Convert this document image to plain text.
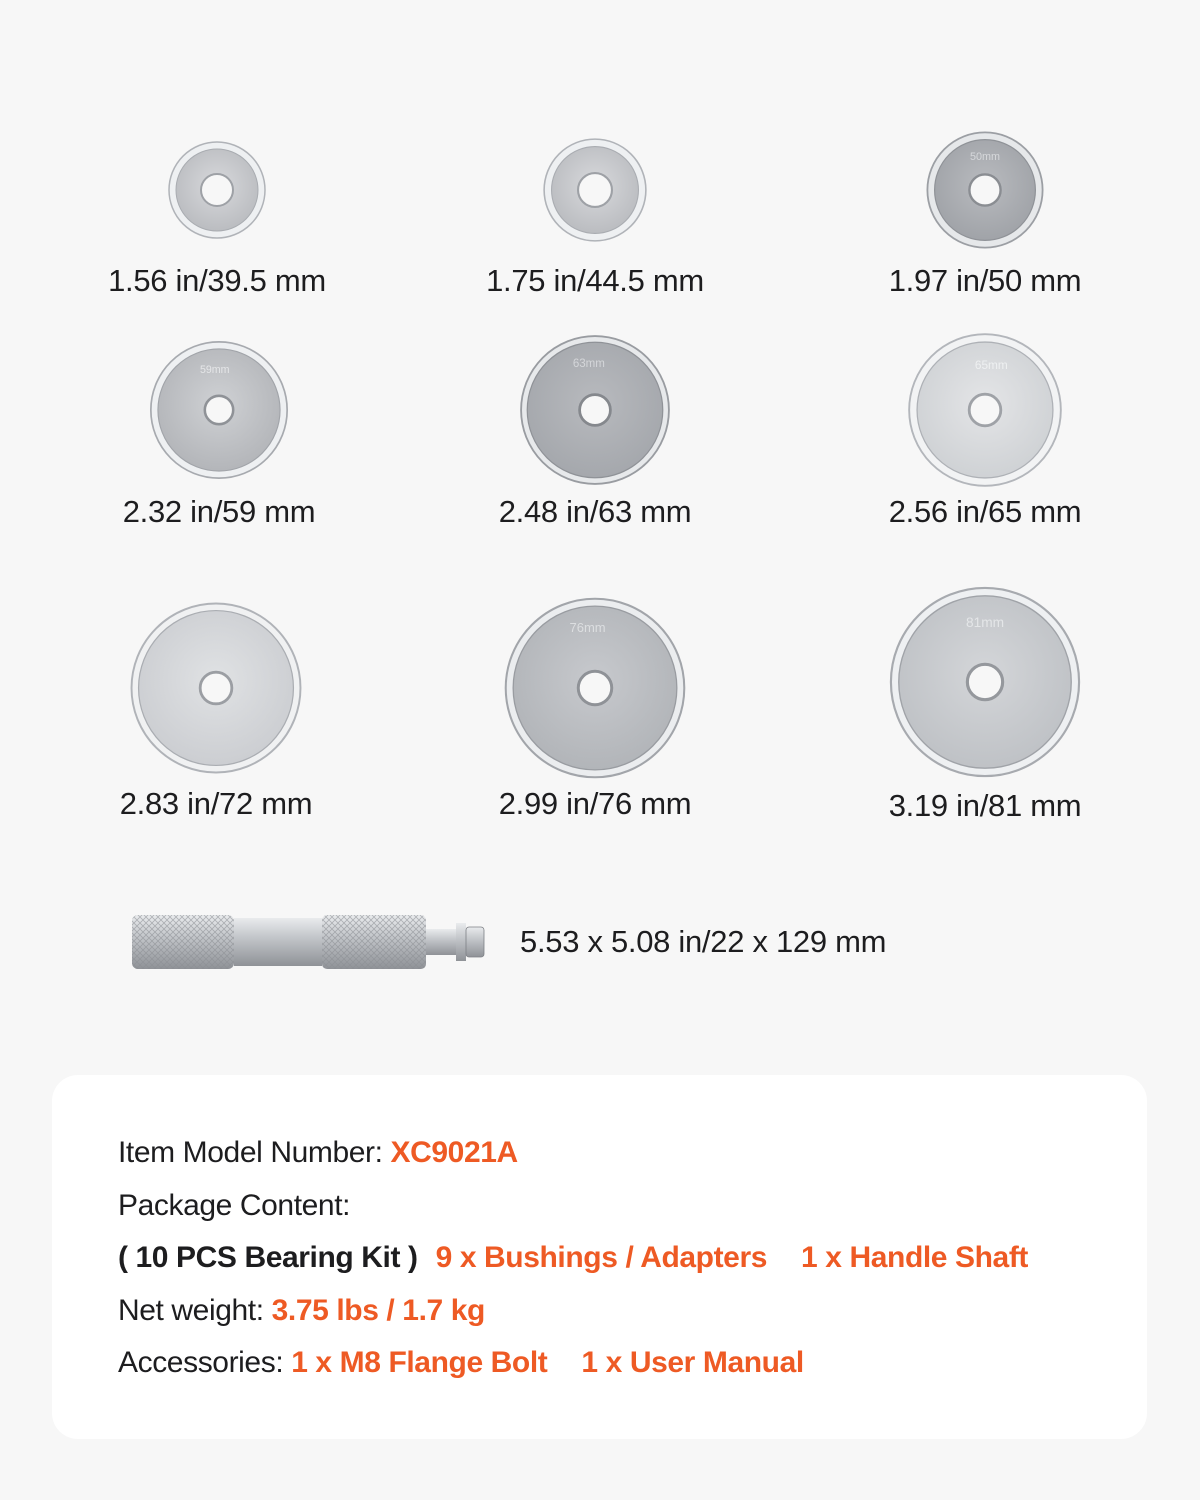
1.56 in/39.5 mm	1.75 in/44.5 mm
50mm
1.97 in/50 mm
59mm
2.32 in/59 mm
63mm
2.48 in/63 mm
65mm
2.56 in/65 mm
2.83 in/72 mm
76mm
2.99 in/76 mm
81mm
3.19 in/81 mm
5.53 x 5.08 in/22 x 129 mm
Item Model Number: XC9021A
Package Content:
( 10 PCS Bearing Kit ) 9 x Bushings / Adapters 1 x Handle Shaft
Net weight: 3.75 lbs / 1.7 kg
Accessories: 1 x M8 Flange Bolt 1 x User Manual
